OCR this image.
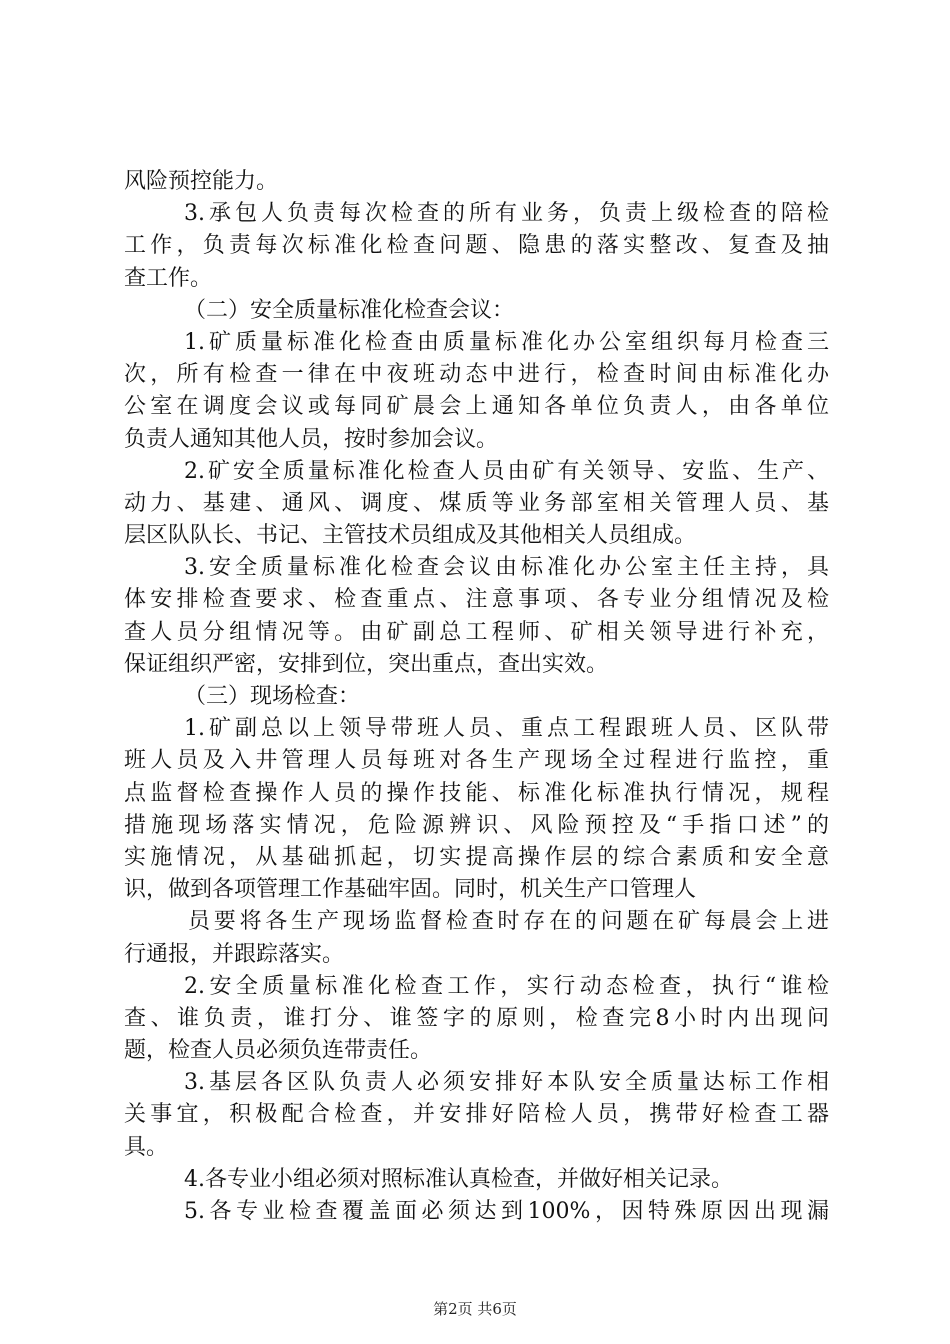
风险预控能力。
3.承包人负责每次检查的所有业务，负责上级检查的陪检
工作，负责每次标准化检查问题、隐患的落实整改、复查及抽
查工作。
（二）安全质量标准化检查会议：
1.矿质量标准化检查由质量标准化办公室组织每月检查三
次，所有检查一律在中夜班动态中进行，检查时间由标准化办
公室在调度会议或每同矿晨会上通知各单位负责人，由各单位
负责人通知其他人员，按时参加会议。
2.矿安全质量标准化检查人员由矿有关领导、安监、生产、
动力、基建、通风、调度、煤质等业务部室相关管理人员、基
层区队队长、书记、主管技术员组成及其他相关人员组成。
3.安全质量标准化检查会议由标准化办公室主任主持，具
体安排检查要求、检查重点、注意事项、各专业分组情况及检
查人员分组情况等。由矿副总工程师、矿相关领导进行补充，
保证组织严密，安排到位，突出重点，查出实效。
（三）现场检查：
1.矿副总以上领导带班人员、重点工程跟班人员、区队带
班人员及入井管理人员每班对各生产现场全过程进行监控，重
点监督检查操作人员的操作技能、标准化标准执行情况，规程
措施现场落实情况，危险源辨识、风险预控及“手指口述”的
实施情况，从基础抓起，切实提高操作层的综合素质和安全意
识，做到各项管理工作基础牢固。同时，机关生产口管理人
员要将各生产现场监督检查时存在的问题在矿每晨会上进
行通报，并跟踪落实。
2.安全质量标准化检查工作，实行动态检查，执行“谁检
查、谁负责，谁打分、谁签字的原则，检查完8小时内出现问
题，检查人员必须负连带责任。
3.基层各区队负责人必须安排好本队安全质量达标工作相
关事宜，积极配合检查，并安排好陪检人员，携带好检查工器
具。
4.各专业小组必须对照标准认真检查，并做好相关记录。
5.各专业检查覆盖面必须达到100%，因特殊原因出现漏
第2页 共6页
